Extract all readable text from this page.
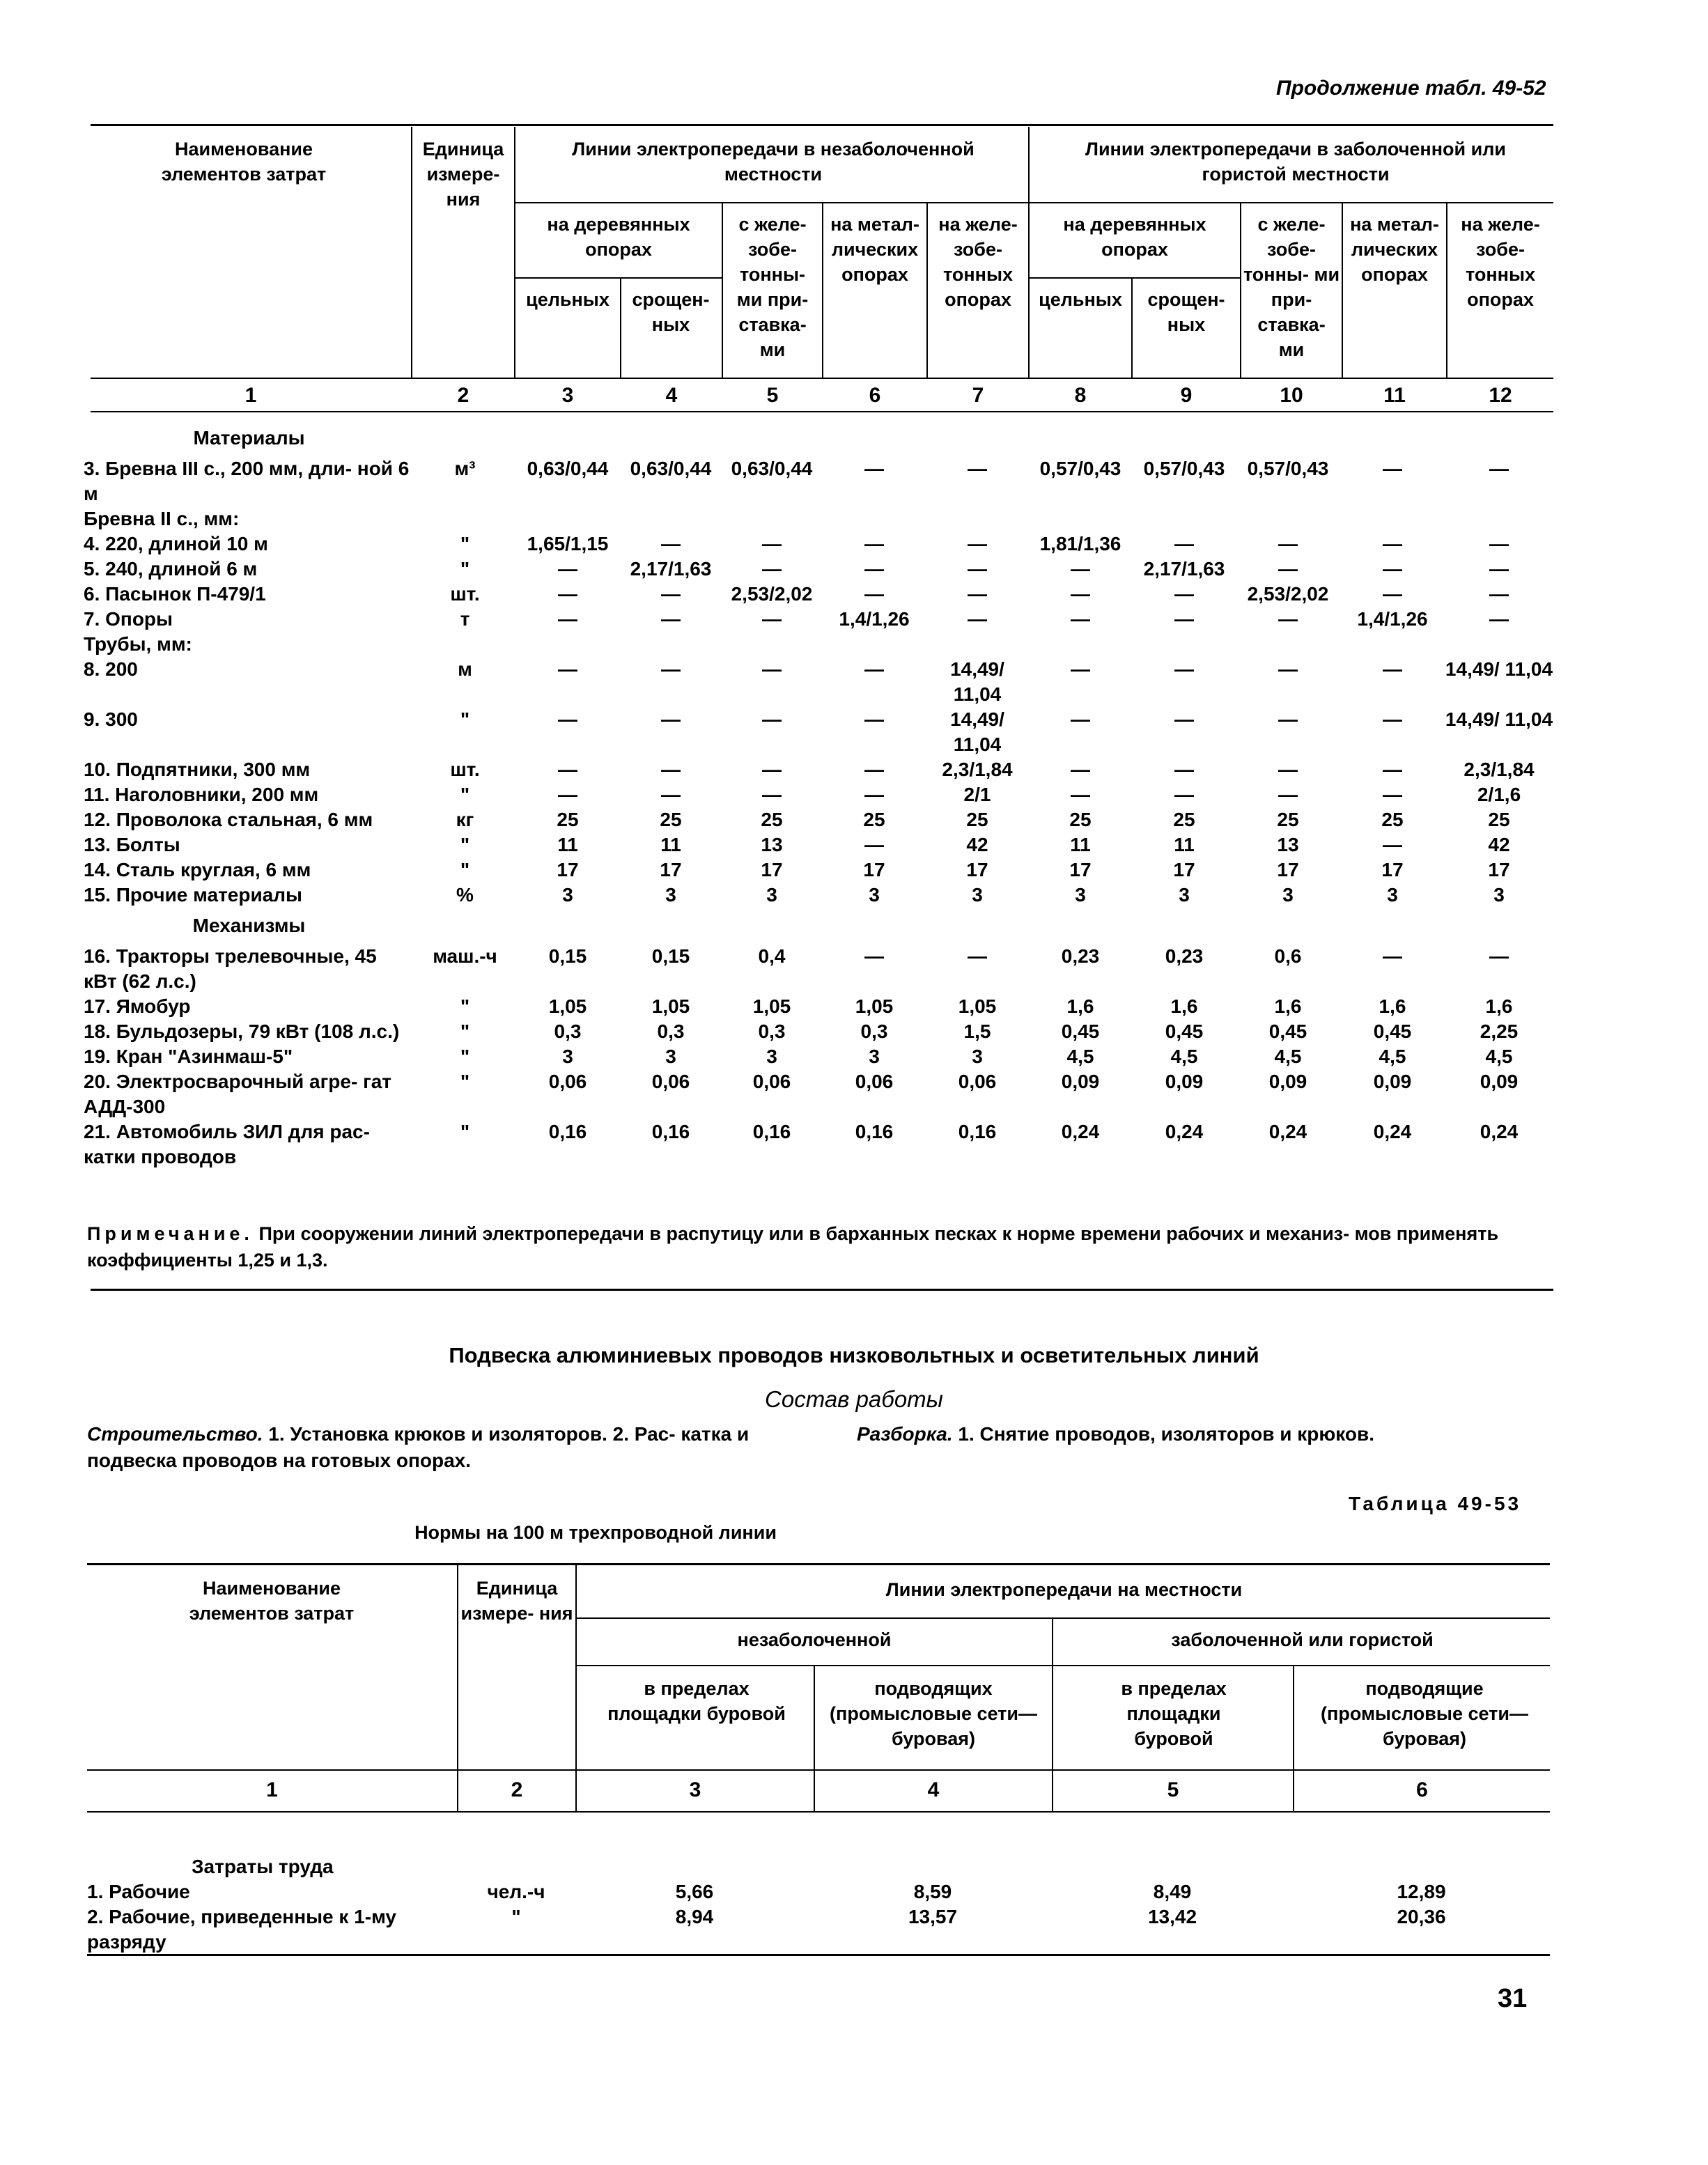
Продолжение табл. 49-52
Наименование элементов затрат
Единица измере- ния
Линии электропередачи в незаболоченной местности
Линии электропередачи в заболоченной или гористой местности
на деревянных опорах
цельных	срощен- ных
с желе- зобе- тонны- ми при- ставка- ми
на метал- лических опорах
на желе- зобе- тонных опорах
на деревянных опорах
цельных	срощен- ных
с желе- зобе- тонны- ми при- ставка- ми
на метал- лических опорах
на желе- зобе- тонных опорах
1	2	3	4	5	6	7	8	9	10	11	12
Материалы											
3. Бревна III с., 200 мм, дли- ной 6 м	м³	0,63/0,44	0,63/0,44	0,63/0,44	—	—	0,57/0,43	0,57/0,43	0,57/0,43	—	—
Бревна II с., мм:											
4. 220, длиной 10 м	"	1,65/1,15	—	—	—	—	1,81/1,36	—	—	—	—
5. 240, длиной 6 м	"	—	2,17/1,63	—	—	—	—	2,17/1,63	—	—	—
6. Пасынок П-479/1	шт.	—	—	2,53/2,02	—	—	—	—	2,53/2,02	—	—
7. Опоры	т	—	—	—	1,4/1,26	—	—	—	—	1,4/1,26	—
Трубы, мм:											
8. 200	м	—	—	—	—	14,49/ 11,04	—	—	—	—	14,49/ 11,04
9. 300	"	—	—	—	—	14,49/ 11,04	—	—	—	—	14,49/ 11,04
10. Подпятники, 300 мм	шт.	—	—	—	—	2,3/1,84	—	—	—	—	2,3/1,84
11. Наголовники, 200 мм	"	—	—	—	—	2/1	—	—	—	—	2/1,6
12. Проволока стальная, 6 мм	кг	25	25	25	25	25	25	25	25	25	25
13. Болты	"	11	11	13	—	42	11	11	13	—	42
14. Сталь круглая, 6 мм	"	17	17	17	17	17	17	17	17	17	17
15. Прочие материалы	%	3	3	3	3	3	3	3	3	3	3
Механизмы											
16. Тракторы трелевочные, 45 кВт (62 л.с.)	маш.-ч	0,15	0,15	0,4	—	—	0,23	0,23	0,6	—	—
17. Ямобур	"	1,05	1,05	1,05	1,05	1,05	1,6	1,6	1,6	1,6	1,6
18. Бульдозеры, 79 кВт (108 л.с.)	"	0,3	0,3	0,3	0,3	1,5	0,45	0,45	0,45	0,45	2,25
19. Кран "Азинмаш-5"	"	3	3	3	3	3	4,5	4,5	4,5	4,5	4,5
20. Электросварочный агре- гат АДД-300	"	0,06	0,06	0,06	0,06	0,06	0,09	0,09	0,09	0,09	0,09
21. Автомобиль ЗИЛ для рас- катки проводов	"	0,16	0,16	0,16	0,16	0,16	0,24	0,24	0,24	0,24	0,24
Примечание. При сооружении линий электропередачи в распутицу или в барханных песках к норме времени рабочих и механиз- мов применять коэффициенты 1,25 и 1,3.
Подвеска алюминиевых проводов низковольтных и осветительных линий
Состав работы
Строительство. 1. Установка крюков и изоляторов. 2. Рас- катка и подвеска проводов на готовых опорах.
Разборка. 1. Снятие проводов, изоляторов и крюков.
Таблица 49-53
Нормы на 100 м трехпроводной линии
Наименование элементов затрат
Единица измере- ния
Линии электропередачи на местности
незаболоченной	заболоченной или гористой
в пределах площадки буровой
подводящих (промысловые сети—буровая)
в пределах площадки буровой
подводящие (промысловые сети—буровая)
1	2	3	4	5	6
Затраты труда					
1. Рабочие	чел.-ч	5,66	8,59	8,49	12,89
2. Рабочие, приведенные к 1-му разряду	"	8,94	13,57	13,42	20,36
31
